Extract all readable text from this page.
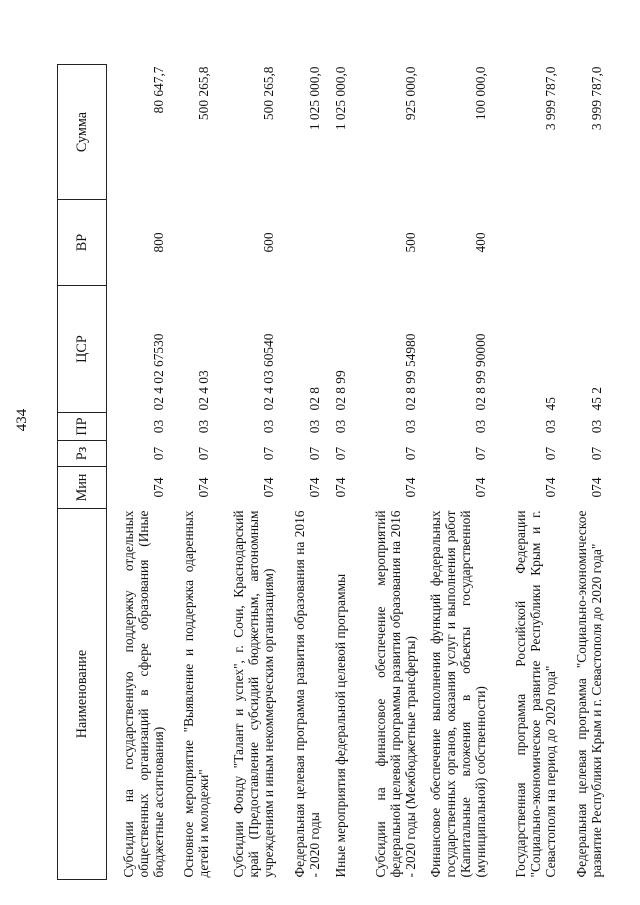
434
Наименование	Мин	Рз	ПР	ЦСР	ВР	Сумма
Субсидии на государственную поддержку отдельных общественных организаций в сфере образования (Иные бюджетные ассигнования)	074	07	03	02 4 02 67530	800	80 647,7
Основное мероприятие "Выявление и поддержка одаренных детей и молодежи"	074	07	03	02 4 03		500 265,8
Субсидии Фонду "Талант и успех", г. Сочи, Краснодарский край (Предоставление субсидий бюджетным, автономным учреждениям и иным некоммерческим организациям)	074	07	03	02 4 03 60540	600	500 265,8
Федеральная целевая программа развития образования на 2016 - 2020 годы	074	07	03	02 8		1 025 000,0
Иные мероприятия федеральной целевой программы	074	07	03	02 8 99		1 025 000,0
Субсидии на финансовое обеспечение мероприятий федеральной целевой программы развития образования на 2016 - 2020 годы (Межбюджетные трансферты)	074	07	03	02 8 99 54980	500	925 000,0
Финансовое обеспечение выполнения функций федеральных государственных органов, оказания услуг и выполнения работ (Капитальные вложения в объекты государственной (муниципальной) собственности)	074	07	03	02 8 99 90000	400	100 000,0
Государственная программа Российской Федерации "Социально-экономическое развитие Республики Крым и г. Севастополя на период до 2020 года"	074	07	03	45		3 999 787,0
Федеральная целевая программа "Социально-экономическое развитие Республики Крым и г. Севастополя до 2020 года"	074	07	03	45 2		3 999 787,0
